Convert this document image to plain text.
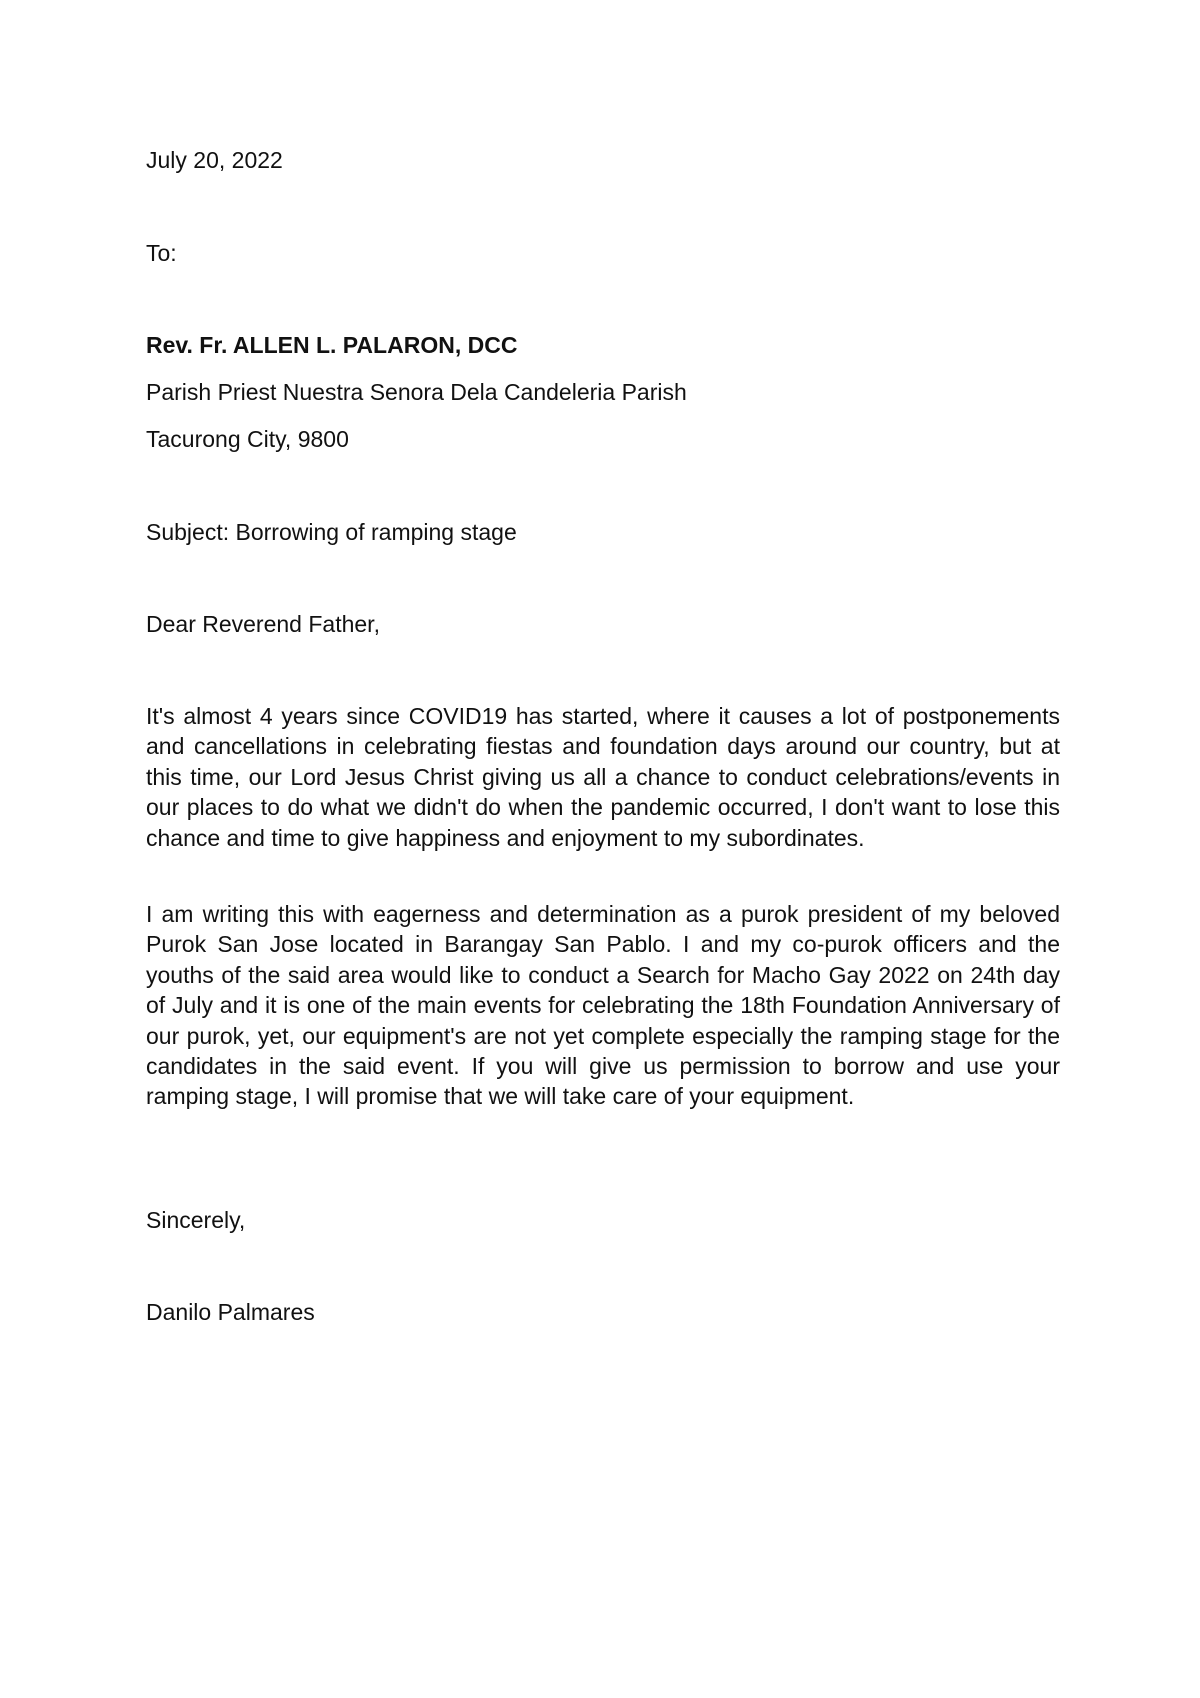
July 20, 2022
To:
Rev. Fr. ALLEN L. PALARON, DCC
Parish Priest Nuestra Senora Dela Candeleria Parish
Tacurong City, 9800
Subject: Borrowing of ramping stage
Dear Reverend Father,
It's almost 4 years since COVID19 has started, where it causes a lot of postponements and cancellations in celebrating fiestas and foundation days around our country, but at this time, our Lord Jesus Christ giving us all a chance to conduct celebrations/events in our places to do what we didn't do when the pandemic occurred, I don't want to lose this chance and time to give happiness and enjoyment to my subordinates.
I am writing this with eagerness and determination as a purok president of my beloved Purok San Jose located in Barangay San Pablo. I and my co-purok officers and the youths of the said area would like to conduct a Search for Macho Gay 2022 on 24th day of July and it is one of the main events for celebrating the 18th Foundation Anniversary of our purok, yet, our equipment's are not yet complete especially the ramping stage for the candidates in the said event. If you will give us permission to borrow and use your ramping stage, I will promise that we will take care of your equipment.
Sincerely,
Danilo Palmares
